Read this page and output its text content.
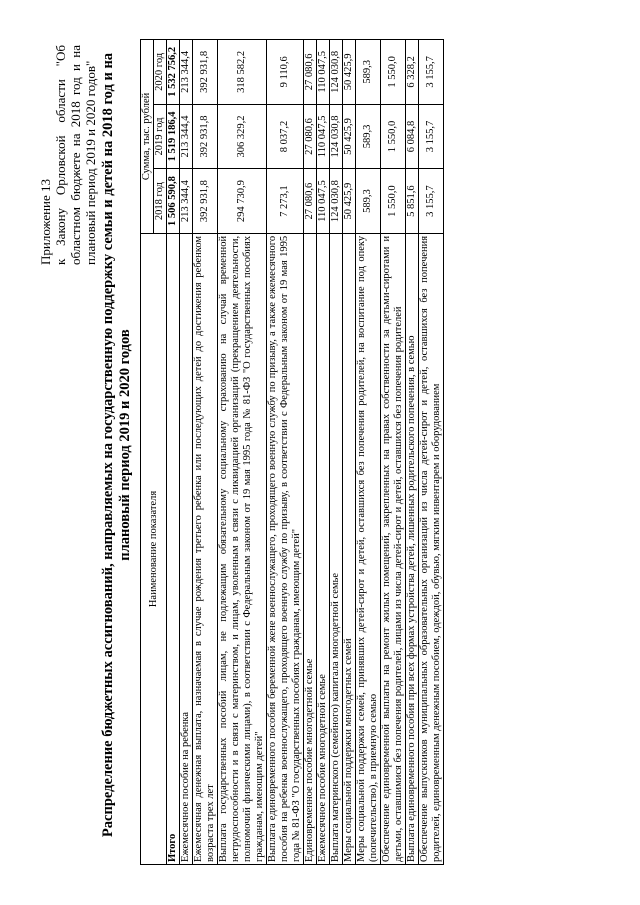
Приложение 13 к Закону Орловской области "Об областном бюджете на 2018 год и на плановый период 2019 и 2020 годов" Распределение бюджетных ассигнований, направляемых на государственную поддержку семьи и детей на 2018 год и на плановый период 2019 и 2020 годов Наименование показателя	Сумма, тыс. рублей		
	2018 год	2019 год	2020 год
Итого	1 506 590,8	1 519 186,4	1 532 756,2
Ежемесячное пособие на ребенка	213 344,4	213 344,4	213 344,4
Ежемесячная денежная выплата, назначаемая в случае рождения третьего ребенка или последующих детей до достижения ребенком возраста трех лет	392 931,8	392 931,8	392 931,8
Выплата государственных пособий лицам, не подлежащим обязательному социальному страхованию на случай временной нетрудоспособности и в связи с материнством, и лицам, уволенным в связи с ликвидацией организаций (прекращением деятельности, полномочий физическими лицами), в соответствии с Федеральным законом от 19 мая 1995 года № 81-ФЗ "О государственных пособиях гражданам, имеющим детей"	294 730,9	306 329,2	318 582,2
Выплата единовременного пособия беременной жене военнослужащего, проходящего военную службу по призыву, а также ежемесячного пособия на ребенка военнослужащего, проходящего военную службу по призыву, в соответствии с Федеральным законом от 19 мая 1995 года № 81-ФЗ "О государственных пособиях гражданам, имеющим детей"	7 273,1	8 037,2	9 110,6
Единовременное пособие многодетной семье	27 080,6	27 080,6	27 080,6
Ежемесячное пособие многодетной семье	110 047,5	110 047,5	110 047,5
Выплата материнского (семейного) капитала многодетной семье	124 030,8	124 030,8	124 030,8
Меры социальной поддержки многодетных семей	50 425,9	50 425,9	50 425,9
Меры социальной поддержки семей, принявших детей-сирот и детей, оставшихся без попечения родителей, на воспитание под опеку (попечительство), в приемную семью	589,3	589,3	589,3
Обеспечение единовременной выплаты на ремонт жилых помещений, закрепленных на правах собственности за детьми-сиротами и детьми, оставшимися без попечения родителей, лицами из числа детей-сирот и детей, оставшихся без попечения родителей	1 550,0	1 550,0	1 550,0
Выплата единовременного пособия при всех формах устройства детей, лишенных родительского попечения, в семью	5 851,6	6 084,8	6 328,2
Обеспечение выпускников муниципальных образовательных организаций из числа детей-сирот и детей, оставшихся без попечения родителей, единовременным денежным пособием, одеждой, обувью, мягким инвентарем и оборудованием	3 155,7	3 155,7	3 155,7
